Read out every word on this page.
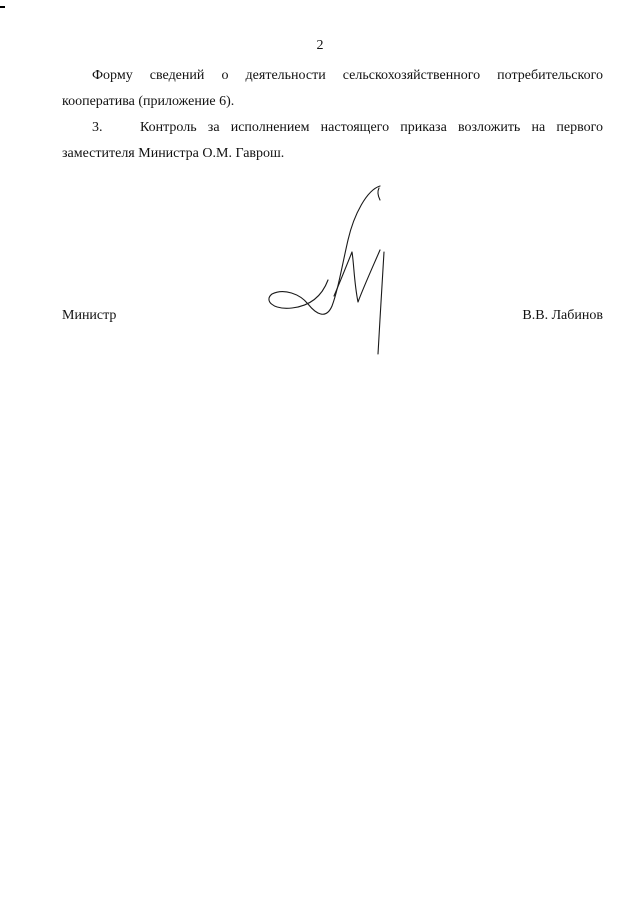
2

Форму сведений о деятельности сельскохозяйственного потребительского кооператива (приложение 6).

3.	Контроль за исполнением настоящего приказа возложить на первого заместителя Министра О.М. Гаврош.

Министр	В.В. Лабинов
